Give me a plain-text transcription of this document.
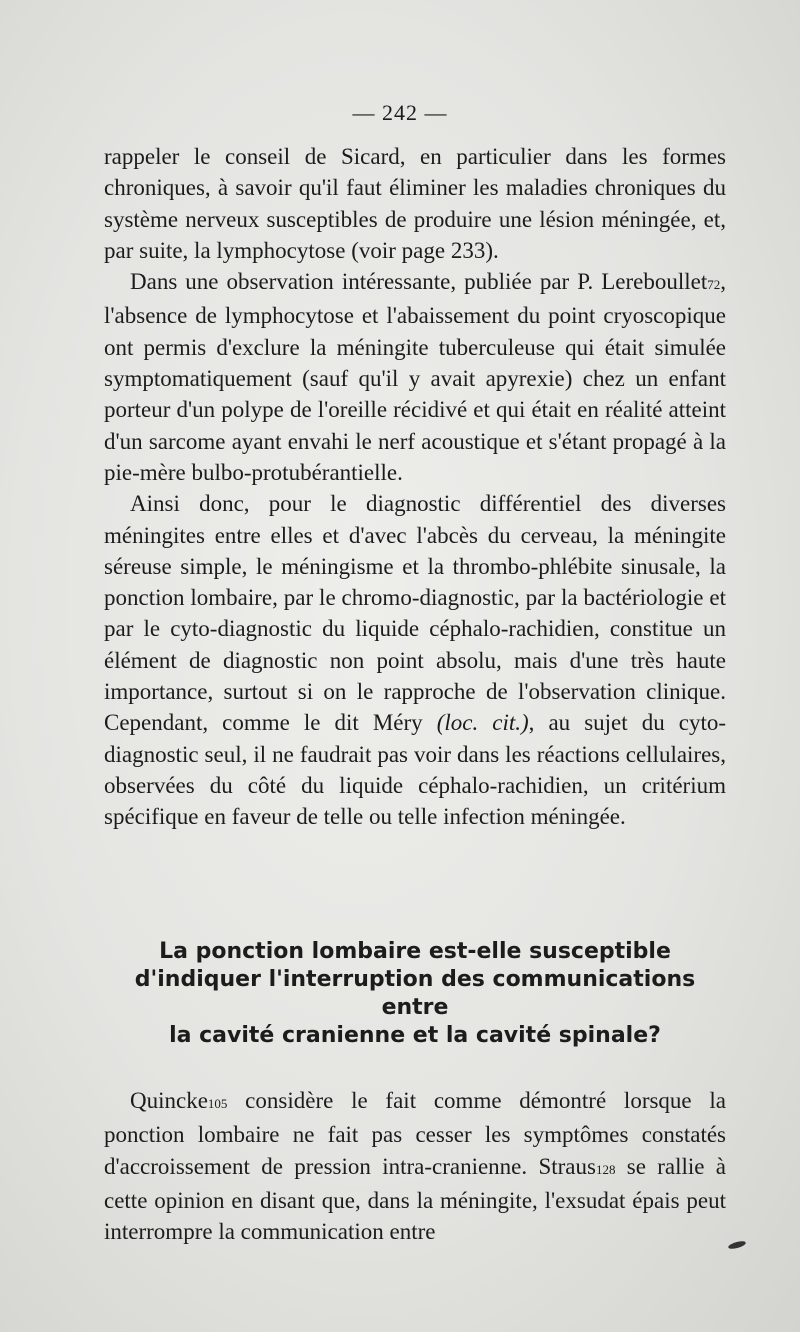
— 242 —

rappeler le conseil de Sicard, en particulier dans les formes chroniques, à savoir qu'il faut éliminer les maladies chroniques du système nerveux susceptibles de produire une lésion méningée, et, par suite, la lymphocytose (voir page 233).

Dans une observation intéressante, publiée par P. Lereboullet72, l'absence de lymphocytose et l'abaissement du point cryoscopique ont permis d'exclure la méningite tuberculeuse qui était simulée symptomatiquement (sauf qu'il y avait apyrexie) chez un enfant porteur d'un polype de l'oreille récidivé et qui était en réalité atteint d'un sarcome ayant envahi le nerf acoustique et s'étant propagé à la pie-mère bulbo-protubérantielle.

Ainsi donc, pour le diagnostic différentiel des diverses méningites entre elles et d'avec l'abcès du cerveau, la méningite séreuse simple, le méningisme et la thrombo-phlébite sinusale, la ponction lombaire, par le chromo-diagnostic, par la bactériologie et par le cyto-diagnostic du liquide céphalo-rachidien, constitue un élément de diagnostic non point absolu, mais d'une très haute importance, surtout si on le rapproche de l'observation clinique. Cependant, comme le dit Méry (loc. cit.), au sujet du cyto-diagnostic seul, il ne faudrait pas voir dans les réactions cellulaires, observées du côté du liquide céphalo-rachidien, un critérium spécifique en faveur de telle ou telle infection méningée.

La ponction lombaire est-elle susceptible
d'indiquer l'interruption des communications
entre
la cavité cranienne et la cavité spinale?

Quincke105 considère le fait comme démontré lorsque la ponction lombaire ne fait pas cesser les symptômes constatés d'accroissement de pression intra-cranienne. Straus128 se rallie à cette opinion en disant que, dans la méningite, l'exsudat épais peut interrompre la communication entre
